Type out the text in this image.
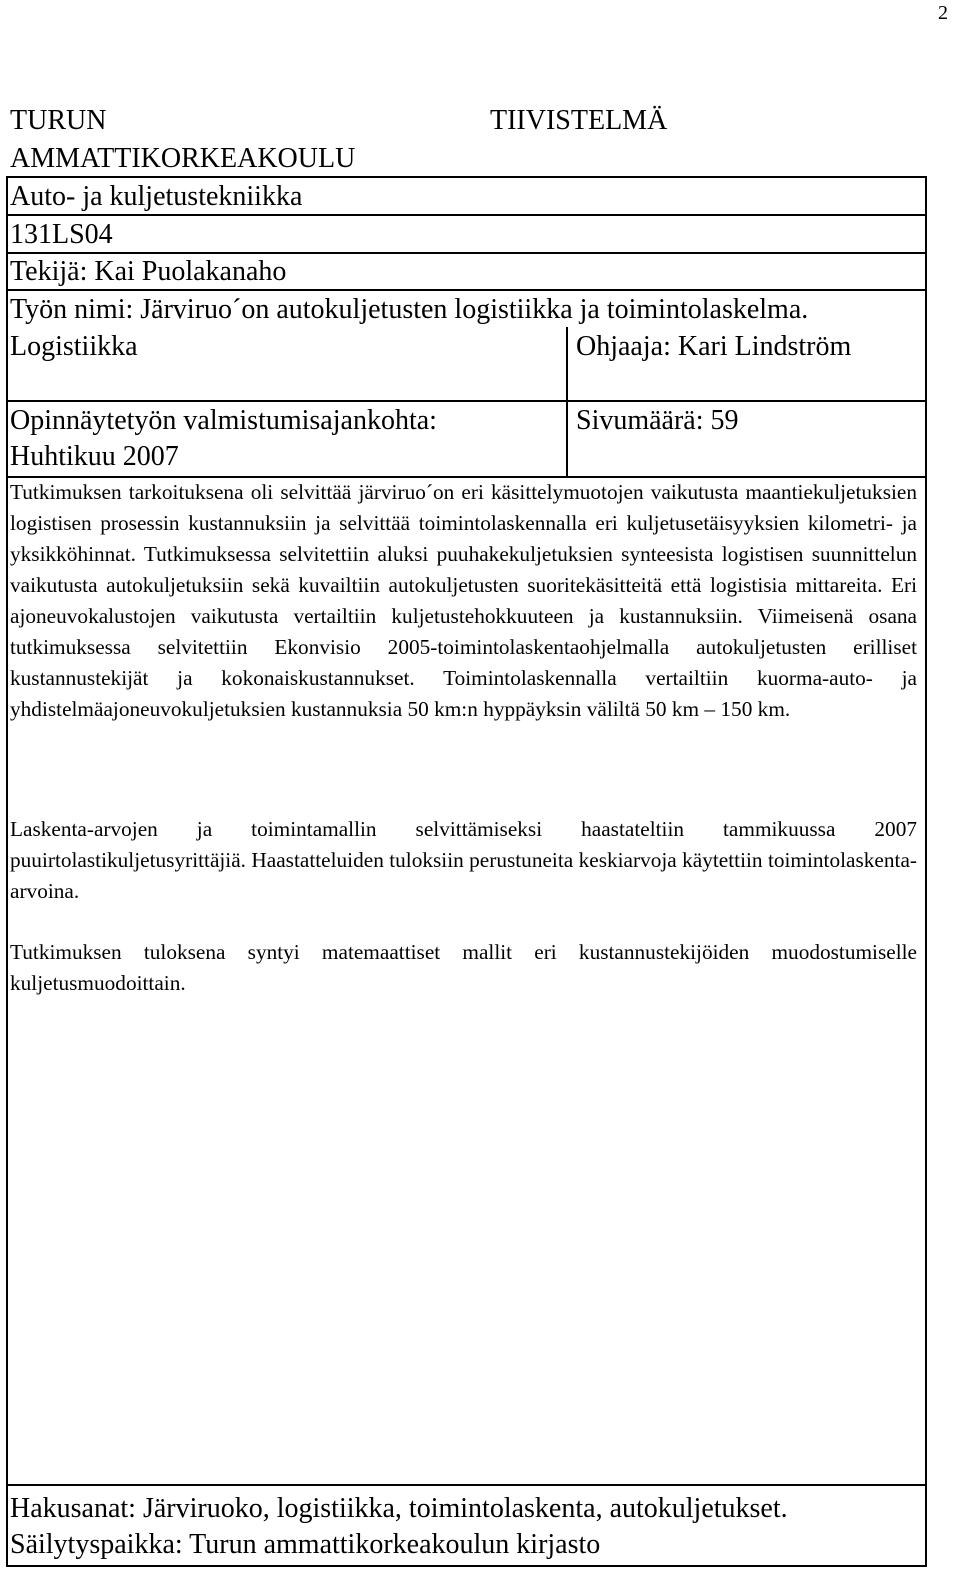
2
TURUN
AMMATTIKORKEAKOULU
TIIVISTELMÄ
Auto- ja kuljetustekniikka
131LS04
Tekijä: Kai Puolakanaho
Työn nimi: Järviruo´on autokuljetusten logistiikka ja toimintolaskelma.
Logistiikka	Ohjaaja: Kari Lindström
Opinnäytetyön valmistumisajankohta:
Huhtikuu 2007
Sivumäärä: 59
Tutkimuksen tarkoituksena oli selvittää järviruo´on eri käsittelymuotojen vaikutusta maantiekuljetuksien logistisen prosessin kustannuksiin ja selvittää toimintolaskennalla eri kuljetusetäisyyksien kilometri- ja yksikköhinnat. Tutkimuksessa selvitettiin aluksi puuhakekuljetuksien synteesista logistisen suunnittelun vaikutusta autokuljetuksiin sekä kuvailtiin autokuljetusten suoritekäsitteitä että logistisia mittareita. Eri ajoneuvokalustojen vaikutusta vertailtiin kuljetustehokkuuteen ja kustannuksiin. Viimeisenä osana tutkimuksessa selvitettiin Ekonvisio 2005-toimintolaskentaohjelmalla autokuljetusten erilliset kustannustekijät ja kokonaiskustannukset. Toimintolaskennalla vertailtiin kuorma-auto- ja yhdistelmäajoneuvokuljetuksien kustannuksia 50 km:n hyppäyksin väliltä 50 km – 150 km.
Laskenta-arvojen ja toimintamallin selvittämiseksi haastateltiin tammikuussa 2007 puuirtolastikuljetusyrittäjiä. Haastatteluiden tuloksiin perustuneita keskiarvoja käytettiin toimintolaskenta-arvoina.
Tutkimuksen tuloksena syntyi matemaattiset mallit eri kustannustekijöiden muodostumiselle kuljetusmuodoittain.
Hakusanat: Järviruoko, logistiikka, toimintolaskenta, autokuljetukset.
Säilytyspaikka: Turun ammattikorkeakoulun kirjasto
